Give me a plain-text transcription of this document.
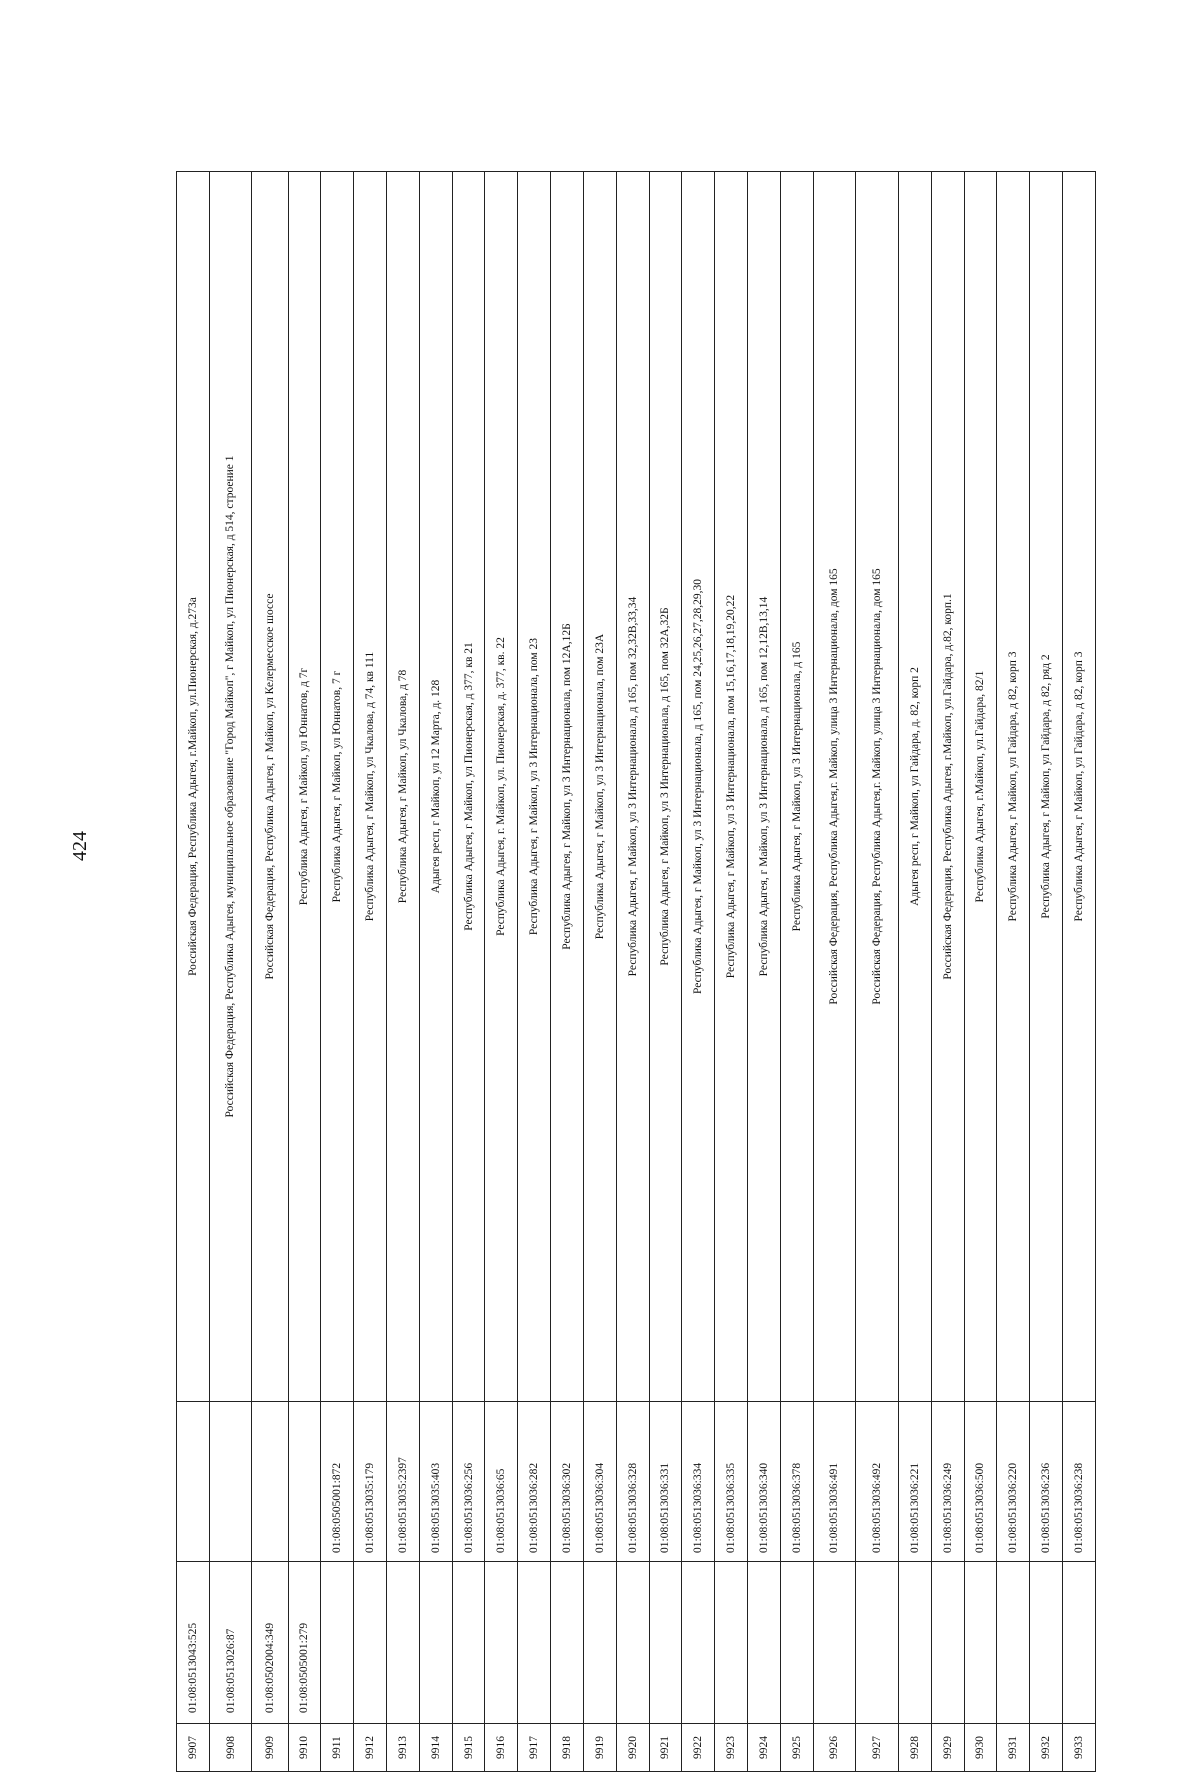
424
9907	01:08:0513043:525		Российская Федерация, Республика Адыгея, г.Майкоп, ул.Пионерская, д.273а
9908	01:08:0513026:87		Российская Федерация, Республика Адыгея, муниципальное образование "Город Майкоп", г Майкоп, ул Пионерская, д 514, строение 1
9909	01:08:0502004:349		Российская Федерация, Республика Адыгея, г Майкоп, ул Келермесское шоссе
9910	01:08:0505001:279		Республика Адыгея, г Майкоп, ул Юннатов, д 7г
9911		01:08:0505001:872	Республика Адыгея, г Майкоп, ул Юннатов, 7 г
9912		01:08:0513035:179	Республика Адыгея, г Майкоп, ул Чкалова, д 74, кв 111
9913		01:08:0513035:2397	Республика Адыгея, г Майкоп, ул Чкалова, д 78
9914		01:08:0513035:403	Адыгея респ, г Майкоп, ул 12 Марта, д. 128
9915		01:08:0513036:256	Республика Адыгея, г Майкоп, ул Пионерская, д 377, кв 21
9916		01:08:0513036:65	Республика Адыгея, г. Майкоп, ул. Пионерская, д. 377, кв. 22
9917		01:08:0513036:282	Республика Адыгея, г Майкоп, ул 3 Интернационала, пом 23
9918		01:08:0513036:302	Республика Адыгея, г Майкоп, ул 3 Интернационала, пом 12А,12Б
9919		01:08:0513036:304	Республика Адыгея, г Майкоп, ул 3 Интернационала, пом 23А
9920		01:08:0513036:328	Республика Адыгея, г Майкоп, ул 3 Интернационала, д 165, пом 32,32В,33,34
9921		01:08:0513036:331	Республика Адыгея, г Майкоп, ул 3 Интернационала, д 165, пом 32А,32Б
9922		01:08:0513036:334	Республика Адыгея, г Майкоп, ул 3 Интернационала, д 165, пом 24,25,26,27,28,29,30
9923		01:08:0513036:335	Республика Адыгея, г Майкоп, ул 3 Интернационала, пом 15,16,17,18,19,20,22
9924		01:08:0513036:340	Республика Адыгея, г Майкоп, ул 3 Интернационала, д 165, пом 12,12В,13,14
9925		01:08:0513036:378	Республика Адыгея, г Майкоп, ул 3 Интернационала, д 165
9926		01:08:0513036:491	Российская Федерация, Республика Адыгея,г. Майкоп, улица 3 Интернационала, дом 165
9927		01:08:0513036:492	Российская Федерация, Республика Адыгея,г. Майкоп, улица 3 Интернационала, дом 165
9928		01:08:0513036:221	Адыгея респ, г Майкоп, ул Гайдара, д. 82, корп 2
9929		01:08:0513036:249	Российская Федерация, Республика Адыгея, г.Майкоп, ул.Гайдара, д.82, корп.1
9930		01:08:0513036:500	Республика Адыгея, г.Майкоп, ул.Гайдара, 82/1
9931		01:08:0513036:220	Республика Адыгея, г Майкоп, ул Гайдара, д 82, корп 3
9932		01:08:0513036:236	Республика Адыгея, г Майкоп, ул Гайдара, д 82, ряд 2
9933		01:08:0513036:238	Республика Адыгея, г Майкоп, ул Гайдара, д 82, корп 3
